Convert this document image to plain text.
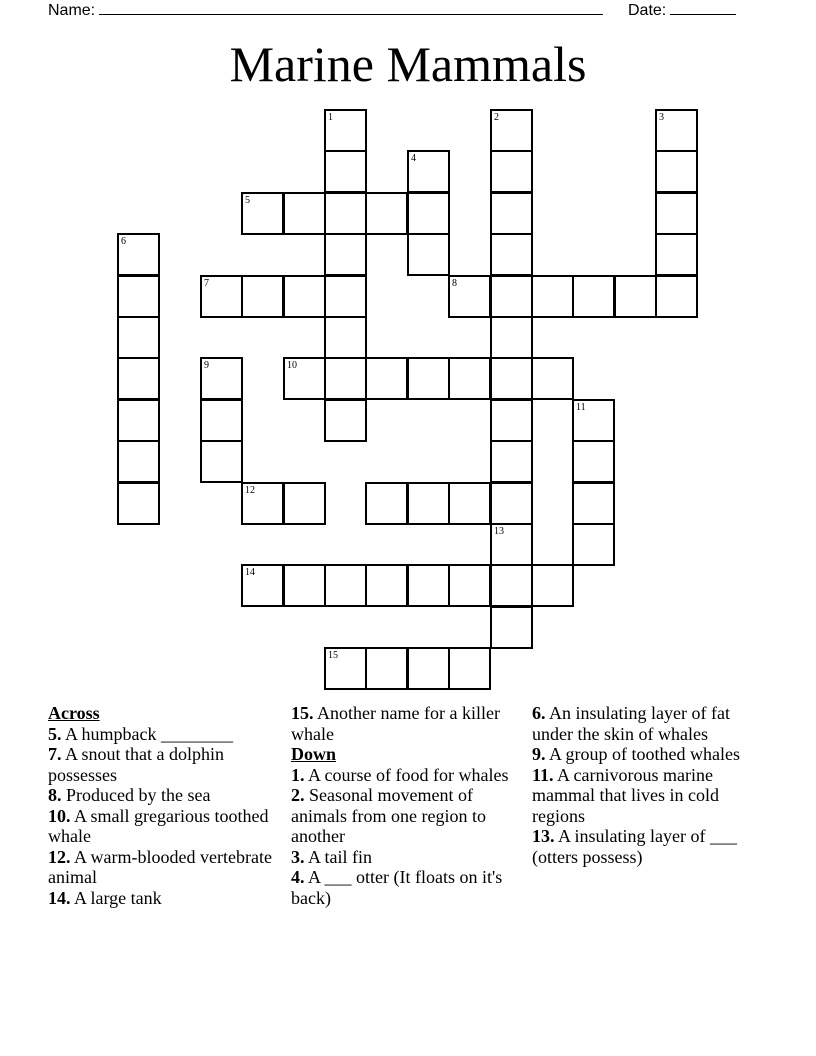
Name:	Date:
Marine Mammals
1	2	3
4
5
6
7	8
9	10
11
12
13
14
15
Across
5. A humpback ________
7. A snout that a dolphin possesses
8. Produced by the sea
10. A small gregarious toothed whale
12. A warm-blooded vertebrate animal
14. A large tank
15. Another name for a killer whale
Down
1. A course of food for whales
2. Seasonal movement of animals from one region to another
3. A tail fin
4. A ___ otter (It floats on it's back)
6. An insulating layer of fat under the skin of whales
9. A group of toothed whales
11. A carnivorous marine mammal that lives in cold regions
13. A insulating layer of ___ (otters possess)
